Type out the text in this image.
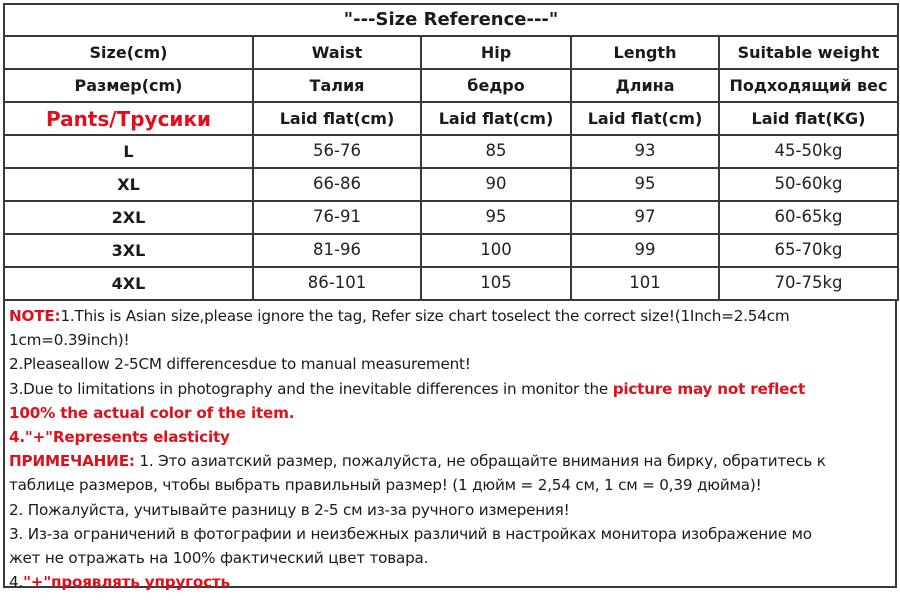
"---Size Reference---"				
Size(cm)	Waist	Hip	Length	Suitable weight
Размер(cm)	Талия	бедро	Длина	Подходящий вес
Pants/Трусики	Laid flat(cm)	Laid flat(cm)	Laid flat(cm)	Laid flat(KG)
L	56-76	85	93	45-50kg
XL	66-86	90	95	50-60kg
2XL	76-91	95	97	60-65kg
3XL	81-96	100	99	65-70kg
4XL	86-101	105	101	70-75kg
NOTE:1.This is Asian size,please ignore the tag, Refer size chart toselect the correct size!(1Inch=2.54cm
1cm=0.39inch)!
2.Pleaseallow 2-5CM differencesdue to manual measurement!
3.Due to limitations in photography and the inevitable differences in monitor the picture may not reflect
100% the actual color of the item.
4."+"Represents elasticity
ПРИМЕЧАНИЕ: 1. Это азиатский размер, пожалуйста, не обращайте внимания на бирку, обратитесь к
таблице размеров, чтобы выбрать правильный размер! (1 дюйм = 2,54 см, 1 см = 0,39 дюйма)!
2. Пожалуйста, учитывайте разницу в 2-5 см из-за ручного измерения!
3. Из-за ограничений в фотографии и неизбежных различий в настройках монитора изображение мо
жет не отражать на 100% фактический цвет товара.
4."+"проявлять упругость
